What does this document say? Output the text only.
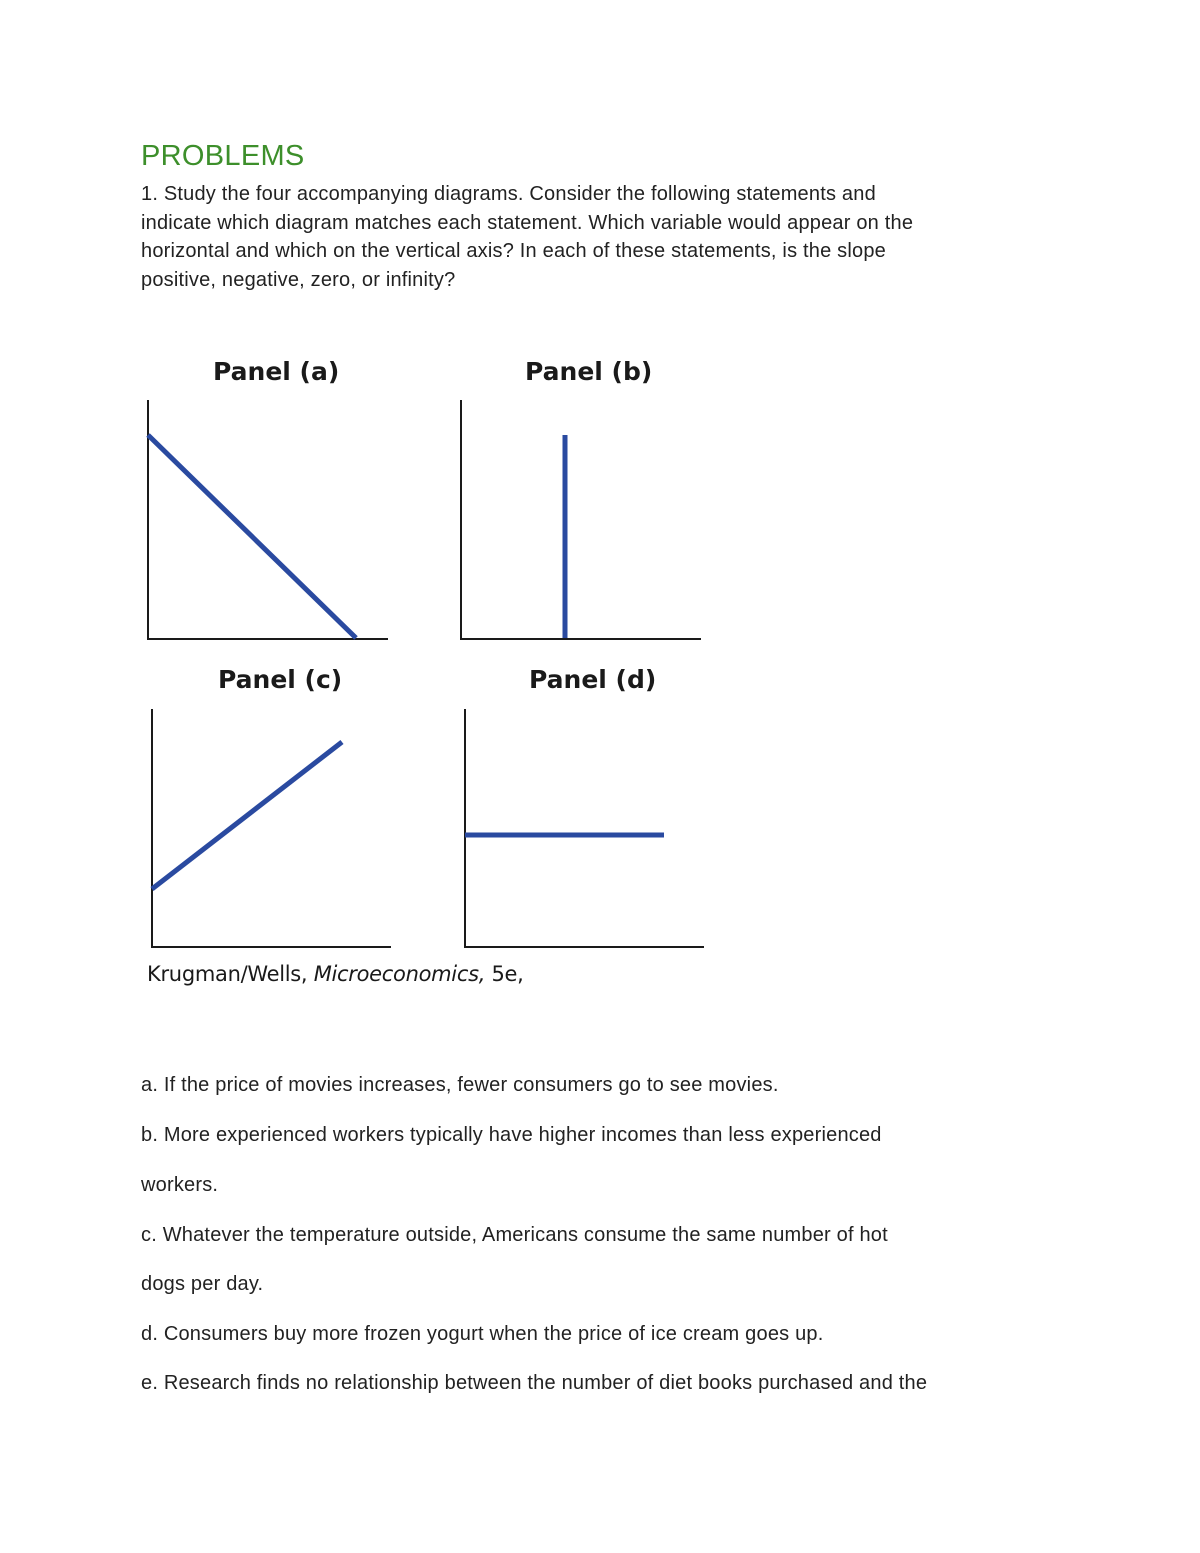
PROBLEMS
1. Study the four accompanying diagrams. Consider the following statements and
indicate which diagram matches each statement. Which variable would appear on the
horizontal and which on the vertical axis? In each of these statements, is the slope
positive, negative, zero, or infinity?
Panel (a)	Panel (b)
Panel (c)	Panel (d)
Krugman/Wells, Microeconomics, 5e,
a. If the price of movies increases, fewer consumers go to see movies.
b. More experienced workers typically have higher incomes than less experienced
workers.
c. Whatever the temperature outside, Americans consume the same number of hot
dogs per day.
d. Consumers buy more frozen yogurt when the price of ice cream goes up.
e. Research finds no relationship between the number of diet books purchased and the
